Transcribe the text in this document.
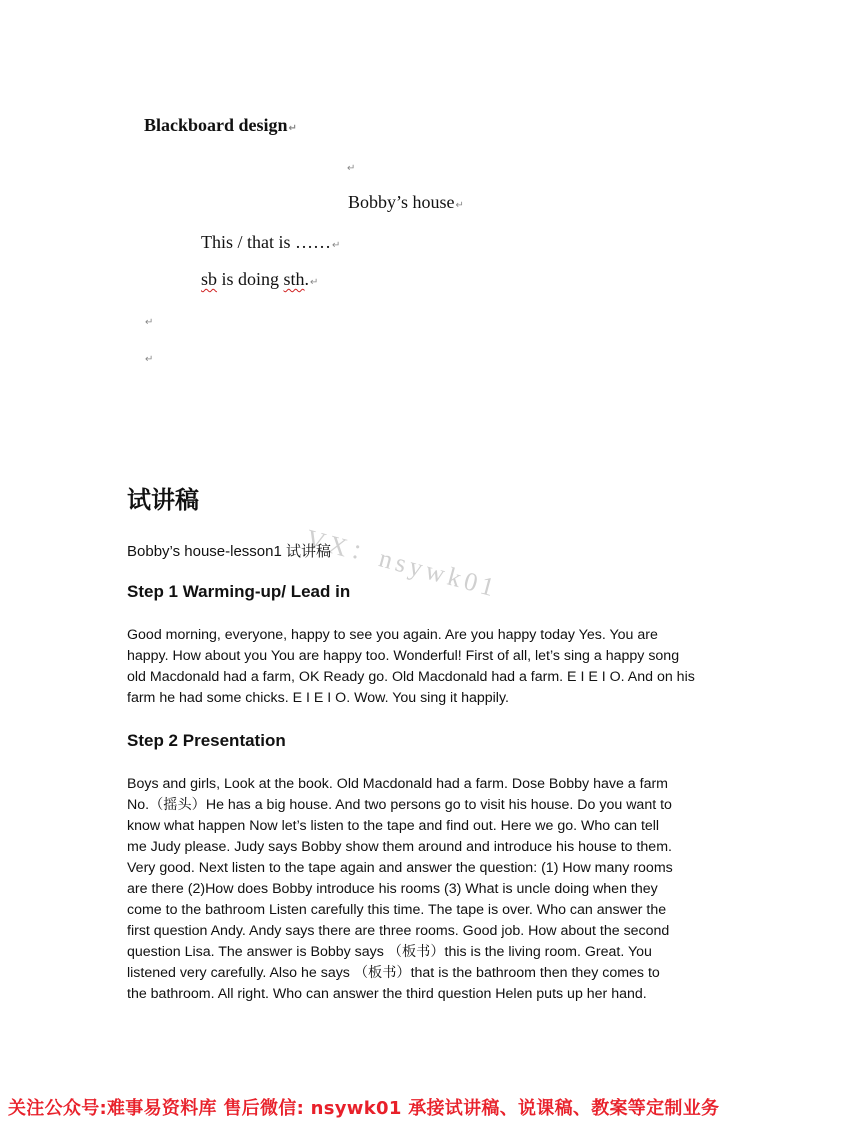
Blackboard design↵
↵
Bobby’s house↵
This / that is ……↵
sb is doing sth.↵
↵
↵
试讲稿
VX：nsywk01
Bobby’s house-lesson1 试讲稿
Step 1 Warming-up/ Lead in
Good morning, everyone, happy to see you again. Are you happy today Yes. You are
happy. How about you You are happy too. Wonderful! First of all, let’s sing a happy song
old Macdonald had a farm, OK Ready go. Old Macdonald had a farm. E I E I O. And on his
farm he had some chicks. E I E I O. Wow. You sing it happily.
Step 2 Presentation
Boys and girls, Look at the book. Old Macdonald had a farm. Dose Bobby have a farm
No.（摇头）He has a big house. And two persons go to visit his house. Do you want to
know what happen Now let’s listen to the tape and find out. Here we go. Who can tell
me Judy please. Judy says Bobby show them around and introduce his house to them.
Very good. Next listen to the tape again and answer the question: (1) How many rooms
are there (2)How does Bobby introduce his rooms (3) What is uncle doing when they
come to the bathroom Listen carefully this time. The tape is over. Who can answer the
first question Andy. Andy says there are three rooms. Good job. How about the second
question Lisa. The answer is Bobby says （板书）this is the living room. Great. You
listened very carefully. Also he says （板书）that is the bathroom then they comes to
the bathroom. All right. Who can answer the third question Helen puts up her hand.
关注公众号:难事易资料库 售后微信: nsywk01 承接试讲稿、说课稿、教案等定制业务
